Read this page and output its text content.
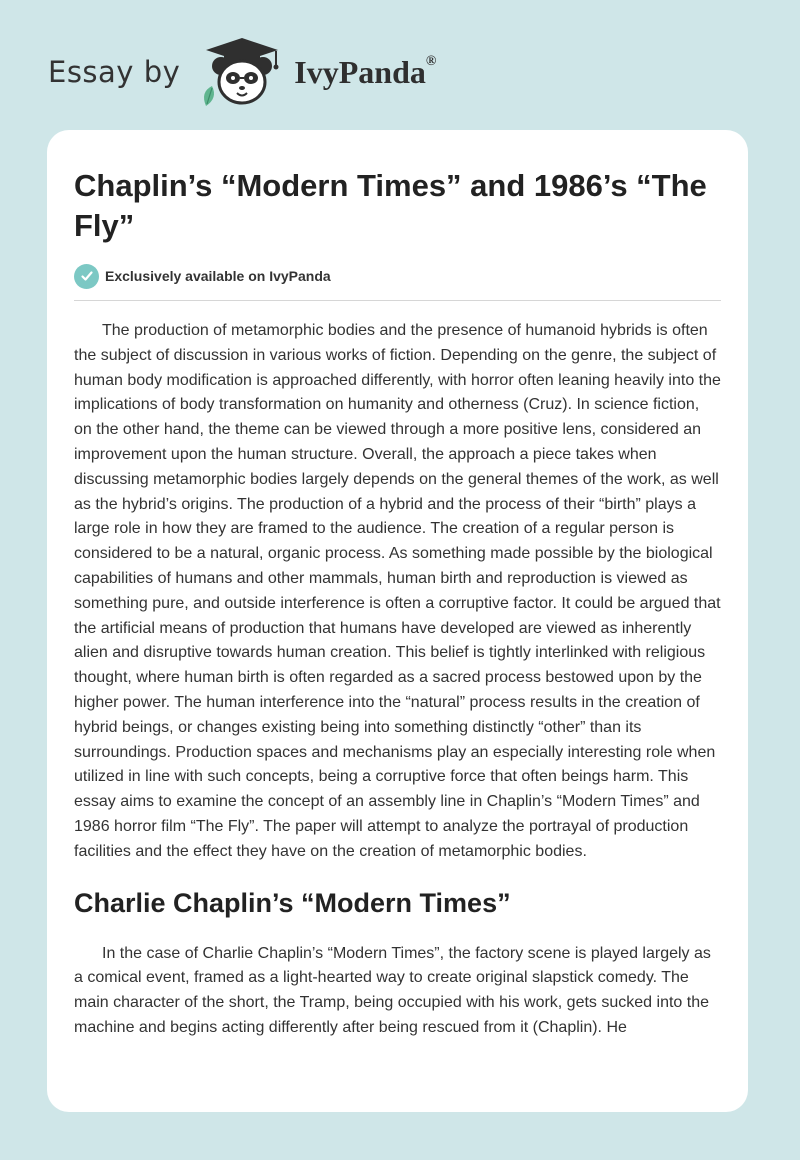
Essay by	IvyPanda®
Chaplin’s “Modern Times” and 1986’s “The Fly”
Exclusively available on IvyPanda

The production of metamorphic bodies and the presence of humanoid hybrids is often the subject of discussion in various works of fiction. Depending on the genre, the subject of human body modification is approached differently, with horror often leaning heavily into the implications of body transformation on humanity and otherness (Cruz). In science fiction, on the other hand, the theme can be viewed through a more positive lens, considered an improvement upon the human structure. Overall, the approach a piece takes when discussing metamorphic bodies largely depends on the general themes of the work, as well as the hybrid’s origins. The production of a hybrid and the process of their “birth” plays a large role in how they are framed to the audience. The creation of a regular person is considered to be a natural, organic process. As something made possible by the biological capabilities of humans and other mammals, human birth and reproduction is viewed as something pure, and outside interference is often a corruptive factor. It could be argued that the artificial means of production that humans have developed are viewed as inherently alien and disruptive towards human creation. This belief is tightly interlinked with religious thought, where human birth is often regarded as a sacred process bestowed upon by the higher power. The human interference into the “natural” process results in the creation of hybrid beings, or changes existing being into something distinctly “other” than its surroundings. Production spaces and mechanisms play an especially interesting role when utilized in line with such concepts, being a corruptive force that often beings harm. This essay aims to examine the concept of an assembly line in Chaplin’s “Modern Times” and 1986 horror film “The Fly”. The paper will attempt to analyze the portrayal of production facilities and the effect they have on the creation of metamorphic bodies.

Charlie Chaplin’s “Modern Times”

In the case of Charlie Chaplin’s “Modern Times”, the factory scene is played largely as a comical event, framed as a light-hearted way to create original slapstick comedy. The main character of the short, the Tramp, being occupied with his work, gets sucked into the machine and begins acting differently after being rescued from it (Chaplin). He
